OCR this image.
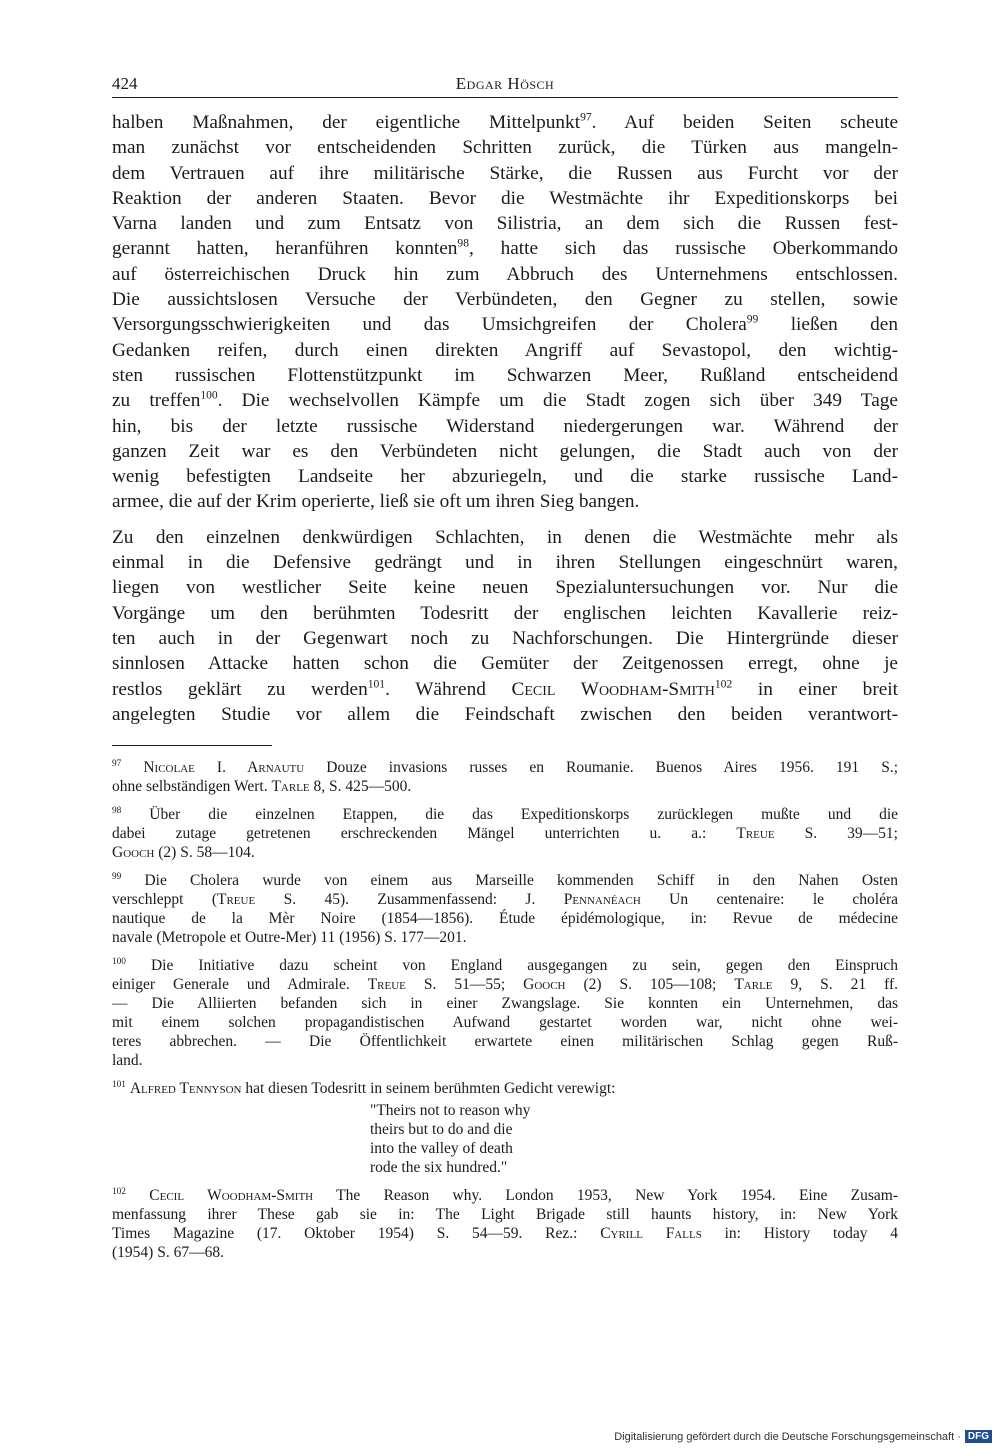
424	Edgar Hösch

halben Maßnahmen, der eigentliche Mittelpunkt$^{97}$. Auf beiden Seiten scheute
man zunächst vor entscheidenden Schritten zurück, die Türken aus mangeln-
dem Vertrauen auf ihre militärische Stärke, die Russen aus Furcht vor der
Reaktion der anderen Staaten. Bevor die Westmächte ihr Expeditionskorps bei
Varna landen und zum Entsatz von Silistria, an dem sich die Russen fest-
gerannt hatten, heranführen konnten$^{98}$, hatte sich das russische Oberkommando
auf österreichischen Druck hin zum Abbruch des Unternehmens entschlossen.
Die aussichtslosen Versuche der Verbündeten, den Gegner zu stellen, sowie
Versorgungsschwierigkeiten und das Umsichgreifen der Cholera$^{99}$ ließen den
Gedanken reifen, durch einen direkten Angriff auf Sevastopol, den wichtig-
sten russischen Flottenstützpunkt im Schwarzen Meer, Rußland entscheidend
zu treffen$^{100}$. Die wechselvollen Kämpfe um die Stadt zogen sich über 349 Tage
hin, bis der letzte russische Widerstand niedergerungen war. Während der
ganzen Zeit war es den Verbündeten nicht gelungen, die Stadt auch von der
wenig befestigten Landseite her abzuriegeln, und die starke russische Land-
armee, die auf der Krim operierte, ließ sie oft um ihren Sieg bangen.

Zu den einzelnen denkwürdigen Schlachten, in denen die Westmächte mehr als
einmal in die Defensive gedrängt und in ihren Stellungen eingeschnürt waren,
liegen von westlicher Seite keine neuen Spezialuntersuchungen vor. Nur die
Vorgänge um den berühmten Todesritt der englischen leichten Kavallerie reiz-
ten auch in der Gegenwart noch zu Nachforschungen. Die Hintergründe dieser
sinnlosen Attacke hatten schon die Gemüter der Zeitgenossen erregt, ohne je
restlos geklärt zu werden$^{101}$. Während Cecil Woodham-Smith$^{102}$ in einer breit
angelegten Studie vor allem die Feindschaft zwischen den beiden verantwort-

$^{97}$ Nicolae I. Arnautu Douze invasions russes en Roumanie. Buenos Aires 1956. 191 S.;
ohne selbständigen Wert. Tarle 8, S. 425—500.
$^{98}$ Über die einzelnen Etappen, die das Expeditionskorps zurücklegen mußte und die
dabei zutage getretenen erschreckenden Mängel unterrichten u. a.: Treue S. 39—51;
Gooch (2) S. 58—104.
$^{99}$ Die Cholera wurde von einem aus Marseille kommenden Schiff in den Nahen Osten
verschleppt (Treue S. 45). Zusammenfassend: J. Pennanéach Un centenaire: le choléra
nautique de la Mèr Noire (1854—1856). Étude épidémologique, in: Revue de médecine
navale (Metropole et Outre-Mer) 11 (1956) S. 177—201.
$^{100}$ Die Initiative dazu scheint von England ausgegangen zu sein, gegen den Einspruch
einiger Generale und Admirale. Treue S. 51—55; Gooch (2) S. 105—108; Tarle 9, S. 21 ff.
— Die Alliierten befanden sich in einer Zwangslage. Sie konnten ein Unternehmen, das
mit einem solchen propagandistischen Aufwand gestartet worden war, nicht ohne wei-
teres abbrechen. — Die Öffentlichkeit erwartete einen militärischen Schlag gegen Ruß-
land.
$^{101}$ Alfred Tennyson hat diesen Todesritt in seinem berühmten Gedicht verewigt:
"Theirs not to reason why
theirs but to do and die
into the valley of death
rode the six hundred."
$^{102}$ Cecil Woodham-Smith The Reason why. London 1953, New York 1954. Eine Zusam-
menfassung ihrer These gab sie in: The Light Brigade still haunts history, in: New York
Times Magazine (17. Oktober 1954) S. 54—59. Rez.: Cyrill Falls in: History today 4
(1954) S. 67—68.
Digitalisierung gefördert durch die Deutsche Forschungsgemeinschaft · DFG
